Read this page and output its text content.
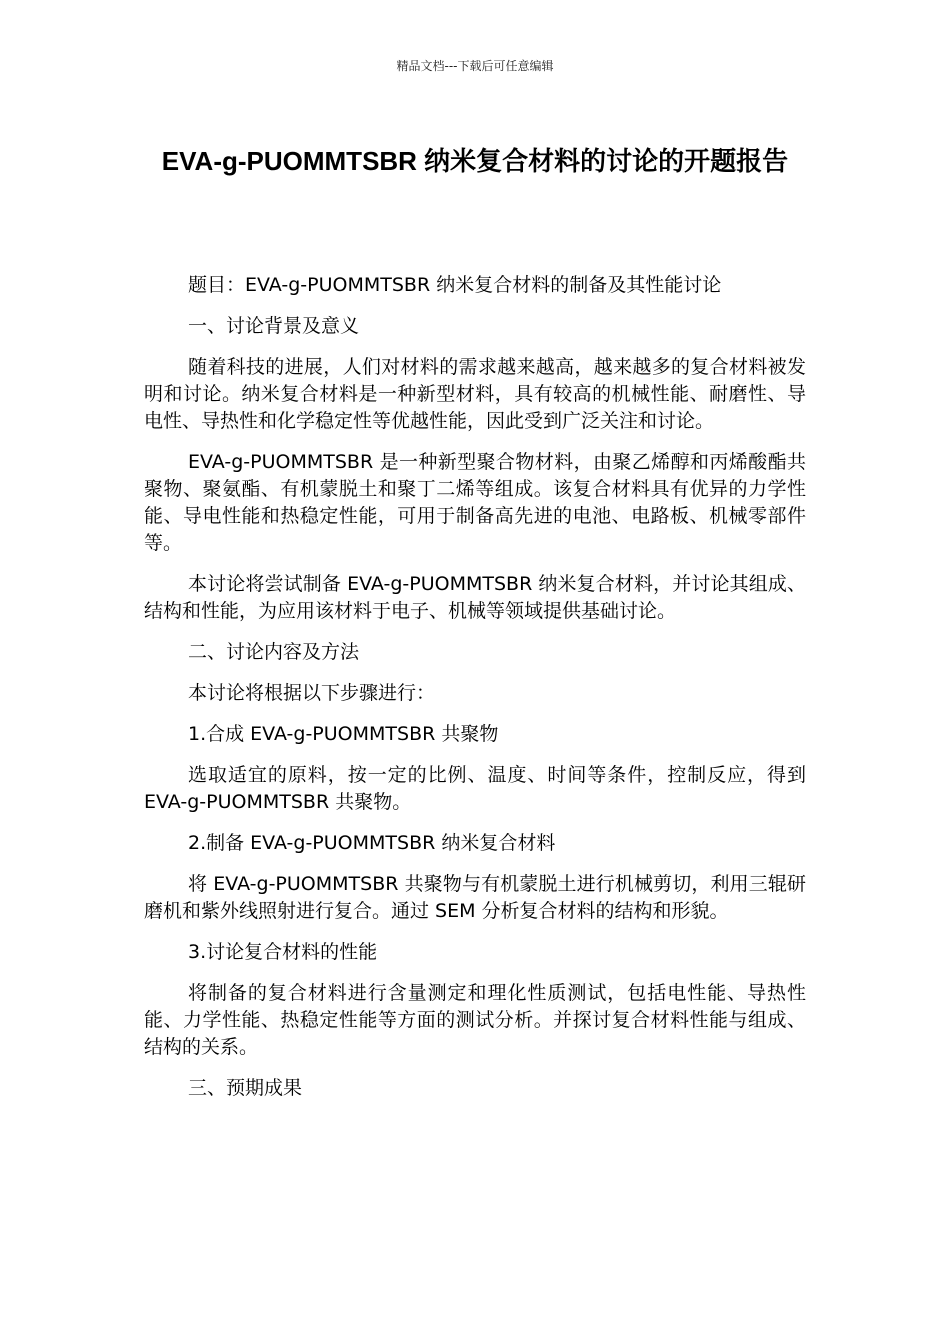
精品文档---下载后可任意编辑
EVA-g-PUOMMTSBR 纳米复合材料的讨论的开题报告

题目：EVA-g-PUOMMTSBR 纳米复合材料的制备及其性能讨论

一、讨论背景及意义

随着科技的进展，人们对材料的需求越来越高，越来越多的复合材料被发明和讨论。纳米复合材料是一种新型材料，具有较高的机械性能、耐磨性、导电性、导热性和化学稳定性等优越性能，因此受到广泛关注和讨论。

EVA-g-PUOMMTSBR 是一种新型聚合物材料，由聚乙烯醇和丙烯酸酯共聚物、聚氨酯、有机蒙脱土和聚丁二烯等组成。该复合材料具有优异的力学性能、导电性能和热稳定性能，可用于制备高先进的电池、电路板、机械零部件等。

本讨论将尝试制备 EVA-g-PUOMMTSBR 纳米复合材料，并讨论其组成、结构和性能，为应用该材料于电子、机械等领域提供基础讨论。

二、讨论内容及方法

本讨论将根据以下步骤进行：

1.合成 EVA-g-PUOMMTSBR 共聚物

选取适宜的原料，按一定的比例、温度、时间等条件，控制反应，得到 EVA-g-PUOMMTSBR 共聚物。

2.制备 EVA-g-PUOMMTSBR 纳米复合材料

将 EVA-g-PUOMMTSBR 共聚物与有机蒙脱土进行机械剪切，利用三辊研磨机和紫外线照射进行复合。通过 SEM 分析复合材料的结构和形貌。

3.讨论复合材料的性能

将制备的复合材料进行含量测定和理化性质测试，包括电性能、导热性能、力学性能、热稳定性能等方面的测试分析。并探讨复合材料性能与组成、结构的关系。

三、预期成果
